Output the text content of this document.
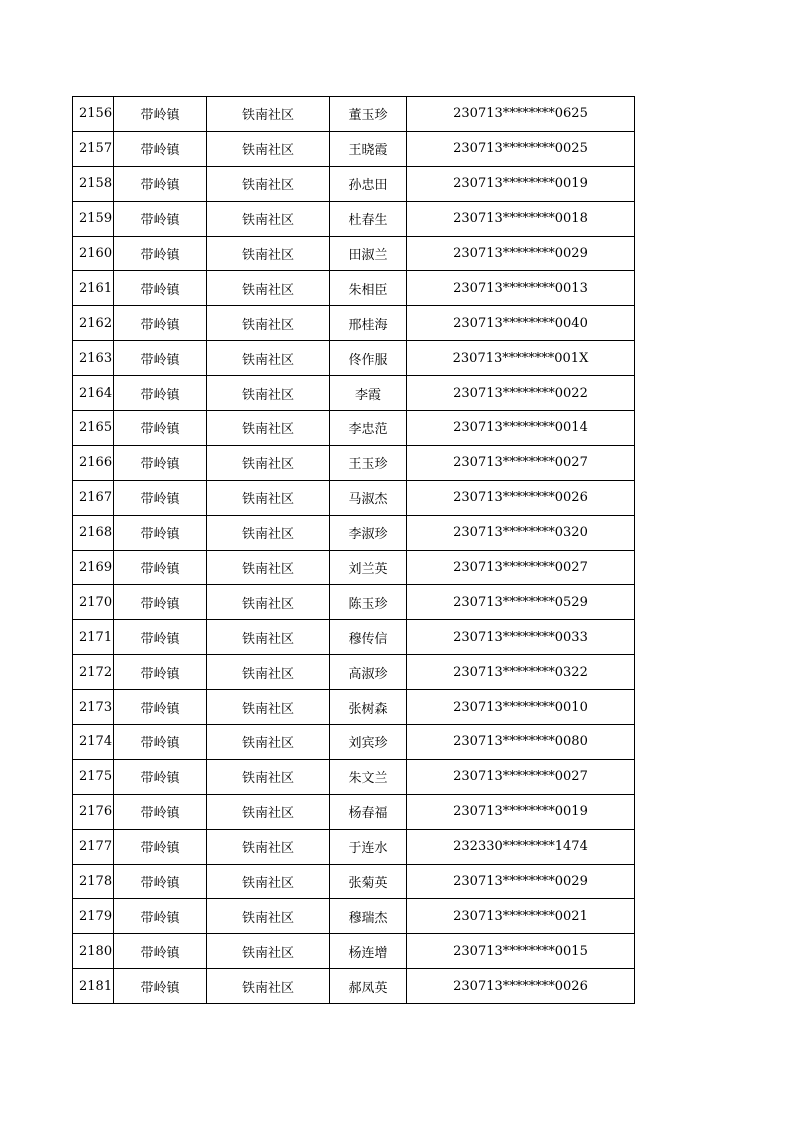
2156	带岭镇	铁南社区	董玉珍	230713********0625
2157	带岭镇	铁南社区	王晓霞	230713********0025
2158	带岭镇	铁南社区	孙忠田	230713********0019
2159	带岭镇	铁南社区	杜春生	230713********0018
2160	带岭镇	铁南社区	田淑兰	230713********0029
2161	带岭镇	铁南社区	朱相臣	230713********0013
2162	带岭镇	铁南社区	邢桂海	230713********0040
2163	带岭镇	铁南社区	佟作服	230713********001X
2164	带岭镇	铁南社区	李霞	230713********0022
2165	带岭镇	铁南社区	李忠范	230713********0014
2166	带岭镇	铁南社区	王玉珍	230713********0027
2167	带岭镇	铁南社区	马淑杰	230713********0026
2168	带岭镇	铁南社区	李淑珍	230713********0320
2169	带岭镇	铁南社区	刘兰英	230713********0027
2170	带岭镇	铁南社区	陈玉珍	230713********0529
2171	带岭镇	铁南社区	穆传信	230713********0033
2172	带岭镇	铁南社区	高淑珍	230713********0322
2173	带岭镇	铁南社区	张树森	230713********0010
2174	带岭镇	铁南社区	刘宾珍	230713********0080
2175	带岭镇	铁南社区	朱文兰	230713********0027
2176	带岭镇	铁南社区	杨春福	230713********0019
2177	带岭镇	铁南社区	于连水	232330********1474
2178	带岭镇	铁南社区	张菊英	230713********0029
2179	带岭镇	铁南社区	穆瑞杰	230713********0021
2180	带岭镇	铁南社区	杨连增	230713********0015
2181	带岭镇	铁南社区	郝凤英	230713********0026
